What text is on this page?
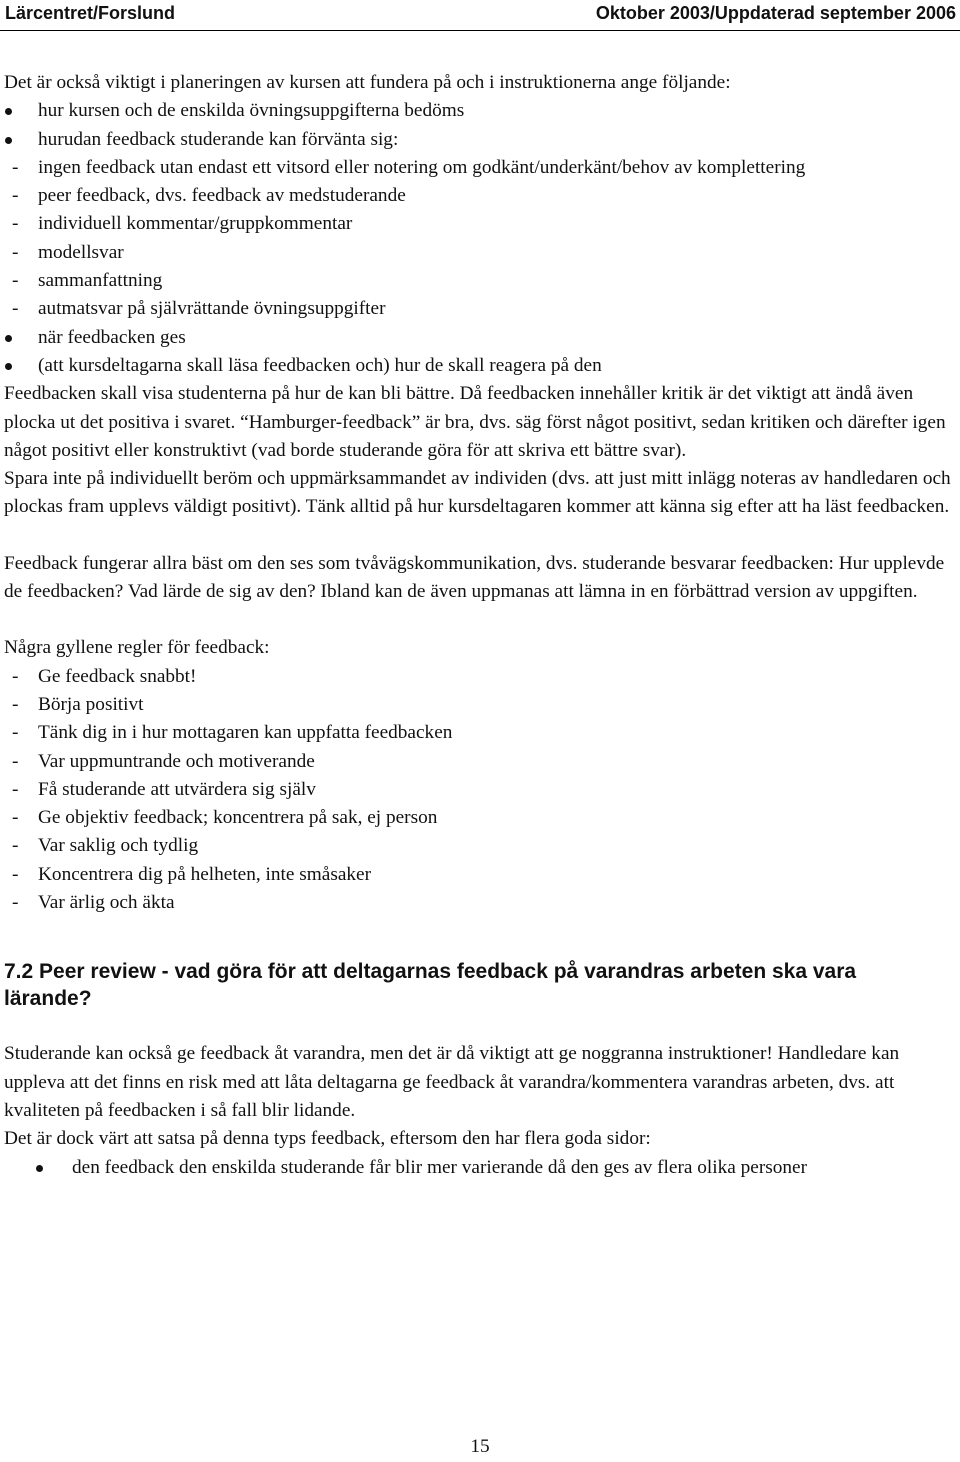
Lärcentret/Forslund	Oktober 2003/Uppdaterad september 2006

Det är också viktigt i planeringen av kursen att fundera på och i instruktionerna ange följande:

hur kursen och de enskilda övningsuppgifterna bedöms

hurudan feedback studerande kan förvänta sig:

- ingen feedback utan endast ett vitsord eller notering om godkänt/underkänt/behov av komplettering

- peer feedback, dvs. feedback av medstuderande

- individuell kommentar/gruppkommentar

- modellsvar

- sammanfattning

- autmatsvar på självrättande övningsuppgifter

när feedbacken ges

(att kursdeltagarna skall läsa feedbacken och) hur de skall reagera på den

Feedbacken skall visa studenterna på hur de kan bli bättre. Då feedbacken innehåller kritik är det viktigt att ändå även plocka ut det positiva i svaret. “Hamburger-feedback” är bra, dvs. säg först något positivt, sedan kritiken och därefter igen något positivt eller konstruktivt (vad borde studerande göra för att skriva ett bättre svar).

Spara inte på individuellt beröm och uppmärksammandet av individen (dvs. att just mitt inlägg noteras av handledaren och plockas fram upplevs väldigt positivt). Tänk alltid på hur kursdeltagaren kommer att känna sig efter att ha läst feedbacken.

Feedback fungerar allra bäst om den ses som tvåvägskommunikation, dvs. studerande besvarar feedbacken: Hur upplevde de feedbacken? Vad lärde de sig av den? Ibland kan de även uppmanas att lämna in en förbättrad version av uppgiften.

Några gyllene regler för feedback:

- Ge feedback snabbt!

- Börja positivt

- Tänk dig in i hur mottagaren kan uppfatta feedbacken

- Var uppmuntrande och motiverande

- Få studerande att utvärdera sig själv

- Ge objektiv feedback; koncentrera på sak, ej person

- Var saklig och tydlig

- Koncentrera dig på helheten, inte småsaker

- Var ärlig och äkta

7.2 Peer review - vad göra för att deltagarnas feedback på varandras arbeten ska vara lärande?

Studerande kan också ge feedback åt varandra, men det är då viktigt att ge noggranna instruktioner! Handledare kan uppleva att det finns en risk med att låta deltagarna ge feedback åt varandra/kommentera varandras arbeten, dvs. att kvaliteten på feedbacken i så fall blir lidande.

Det är dock värt att satsa på denna typs feedback, eftersom den har flera goda sidor:

den feedback den enskilda studerande får blir mer varierande då den ges av flera olika personer

15
